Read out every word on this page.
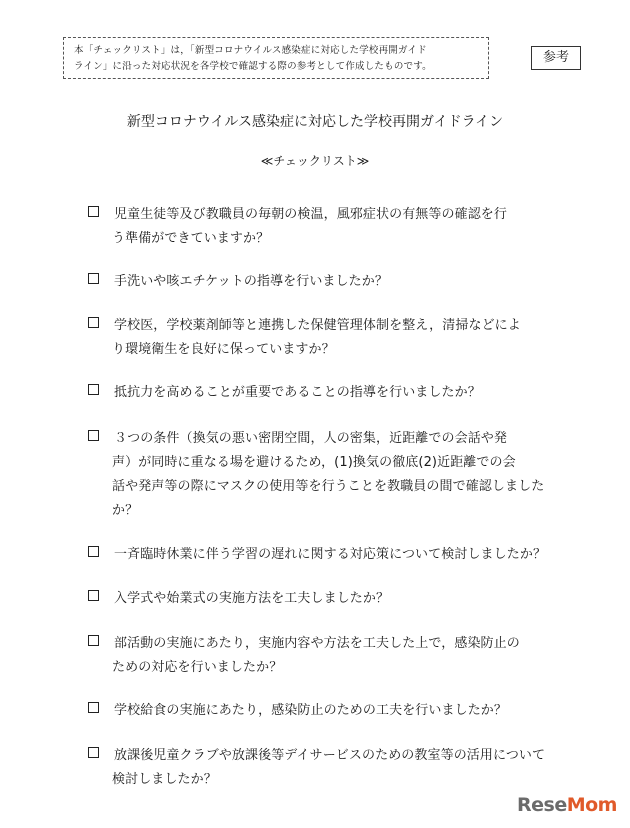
本「チェックリスト」は，「新型コロナウイルス感染症に対応した学校再開ガイド
ライン」に沿った対応状況を各学校で確認する際の参考として作成したものです。
参考
新型コロナウイルス感染症に対応した学校再開ガイドライン
≪チェックリスト≫
児童生徒等及び教職員の毎朝の検温，風邪症状の有無等の確認を行
う準備ができていますか？
手洗いや咳エチケットの指導を行いましたか？
学校医，学校薬剤師等と連携した保健管理体制を整え，清掃などによ
り環境衛生を良好に保っていますか？
抵抗力を高めることが重要であることの指導を行いましたか？
３つの条件（換気の悪い密閉空間，人の密集，近距離での会話や発
声）が同時に重なる場を避けるため，(1)換気の徹底(2)近距離での会
話や発声等の際にマスクの使用等を行うことを教職員の間で確認しました
か？
一斉臨時休業に伴う学習の遅れに関する対応策について検討しましたか？
入学式や始業式の実施方法を工夫しましたか？
部活動の実施にあたり，実施内容や方法を工夫した上で，感染防止の
ための対応を行いましたか？
学校給食の実施にあたり，感染防止のための工夫を行いましたか？
放課後児童クラブや放課後等デイサービスのための教室等の活用について
検討しましたか？
ReseMom
